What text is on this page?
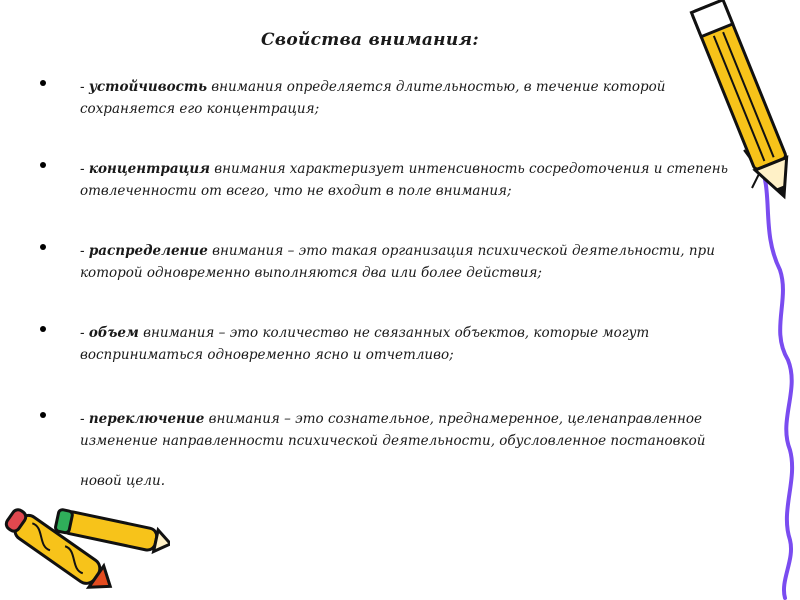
Свойства внимания:
- устойчивость внимания определяется длительностью, в течение которой сохраняется его концентрация;
- концентрация внимания характеризует интенсивность сосредоточения и степень отвлеченности от всего, что не входит в поле внимания;
- распределение внимания – это такая организация психической деятельности, при которой одновременно выполняются два или более действия;
- объем внимания – это количество не связанных объектов, которые могут восприниматься одновременно ясно и отчетливо;
- переключение внимания – это сознательное, преднамеренное, целенаправленное изменение направленности психической деятельности, обусловленное постановкой
новой цели.
